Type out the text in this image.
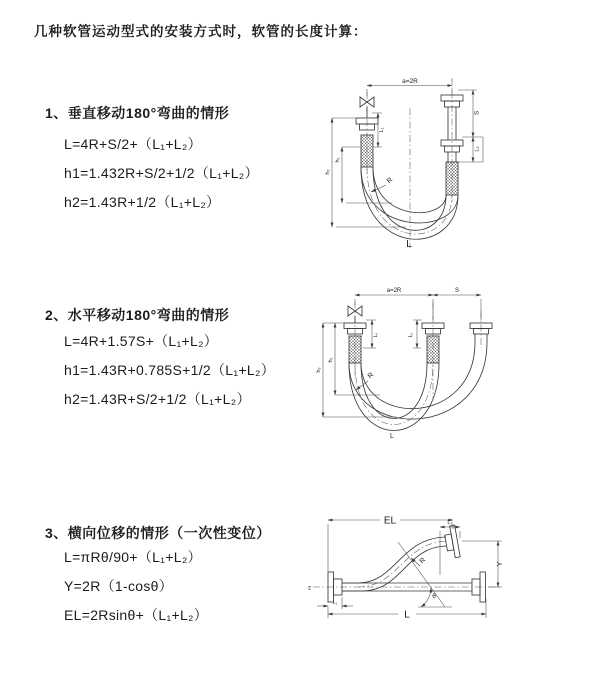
几种软管运动型式的安装方式时，软管的长度计算：
1、垂直移动180°弯曲的情形
L=4R+S/2+（L₁+L₂）
h1=1.432R+S/2+1/2（L₁+L₂）
h2=1.43R+1/2（L₁+L₂）
2、水平移动180°弯曲的情形
L=4R+1.57S+（L₁+L₂）
h1=1.43R+0.785S+1/2（L₁+L₂）
h2=1.43R+S/2+1/2（L₁+L₂）
3、横向位移的情形（一次性变位）
L=πRθ/90+（L₁+L₂）
Y=2R（1-cosθ）
EL=2Rsinθ+（L₁+L₂）
a=2R
L₁
S
L₂
h₂
h₁
R
L
a=2R	S
L₁	L₂
h₂
h₁
R
L
z
EL	L₂
Y
R
θ
L
L₁
